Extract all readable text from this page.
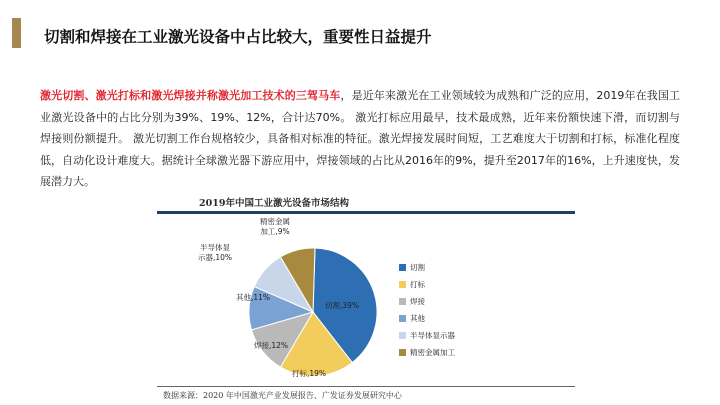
切割和焊接在工业激光设备中占比较大，重要性日益提升
激光切割、激光打标和激光焊接并称激光加工技术的三驾马车，是近年来激光在工业领域较为成熟和广泛的应用，2019年在我国工业激光设备中的占比分别为39%、19%、12%，合计达70%。 激光打标应用最早，技术最成熟，近年来份额快速下滑，而切割与焊接则份额提升。 激光切割工作台规格较少，具备相对标准的特征。激光焊接发展时间短，工艺难度大于切割和打标，标准化程度低，自动化设计难度大。据统计全球激光器下游应用中，焊接领域的占比从2016年的9%，提升至2017年的16%，上升速度快，发展潜力大。
2019年中国工业激光设备市场结构
切割,39%
打标,19%
焊接,12%
其他,11%
半导体显示器,10%
精密金属加工,9%
切割
打标
焊接
其他
半导体显示器
精密金属加工
数据来源：2020 年中国激光产业发展报告、广发证券发展研究中心
